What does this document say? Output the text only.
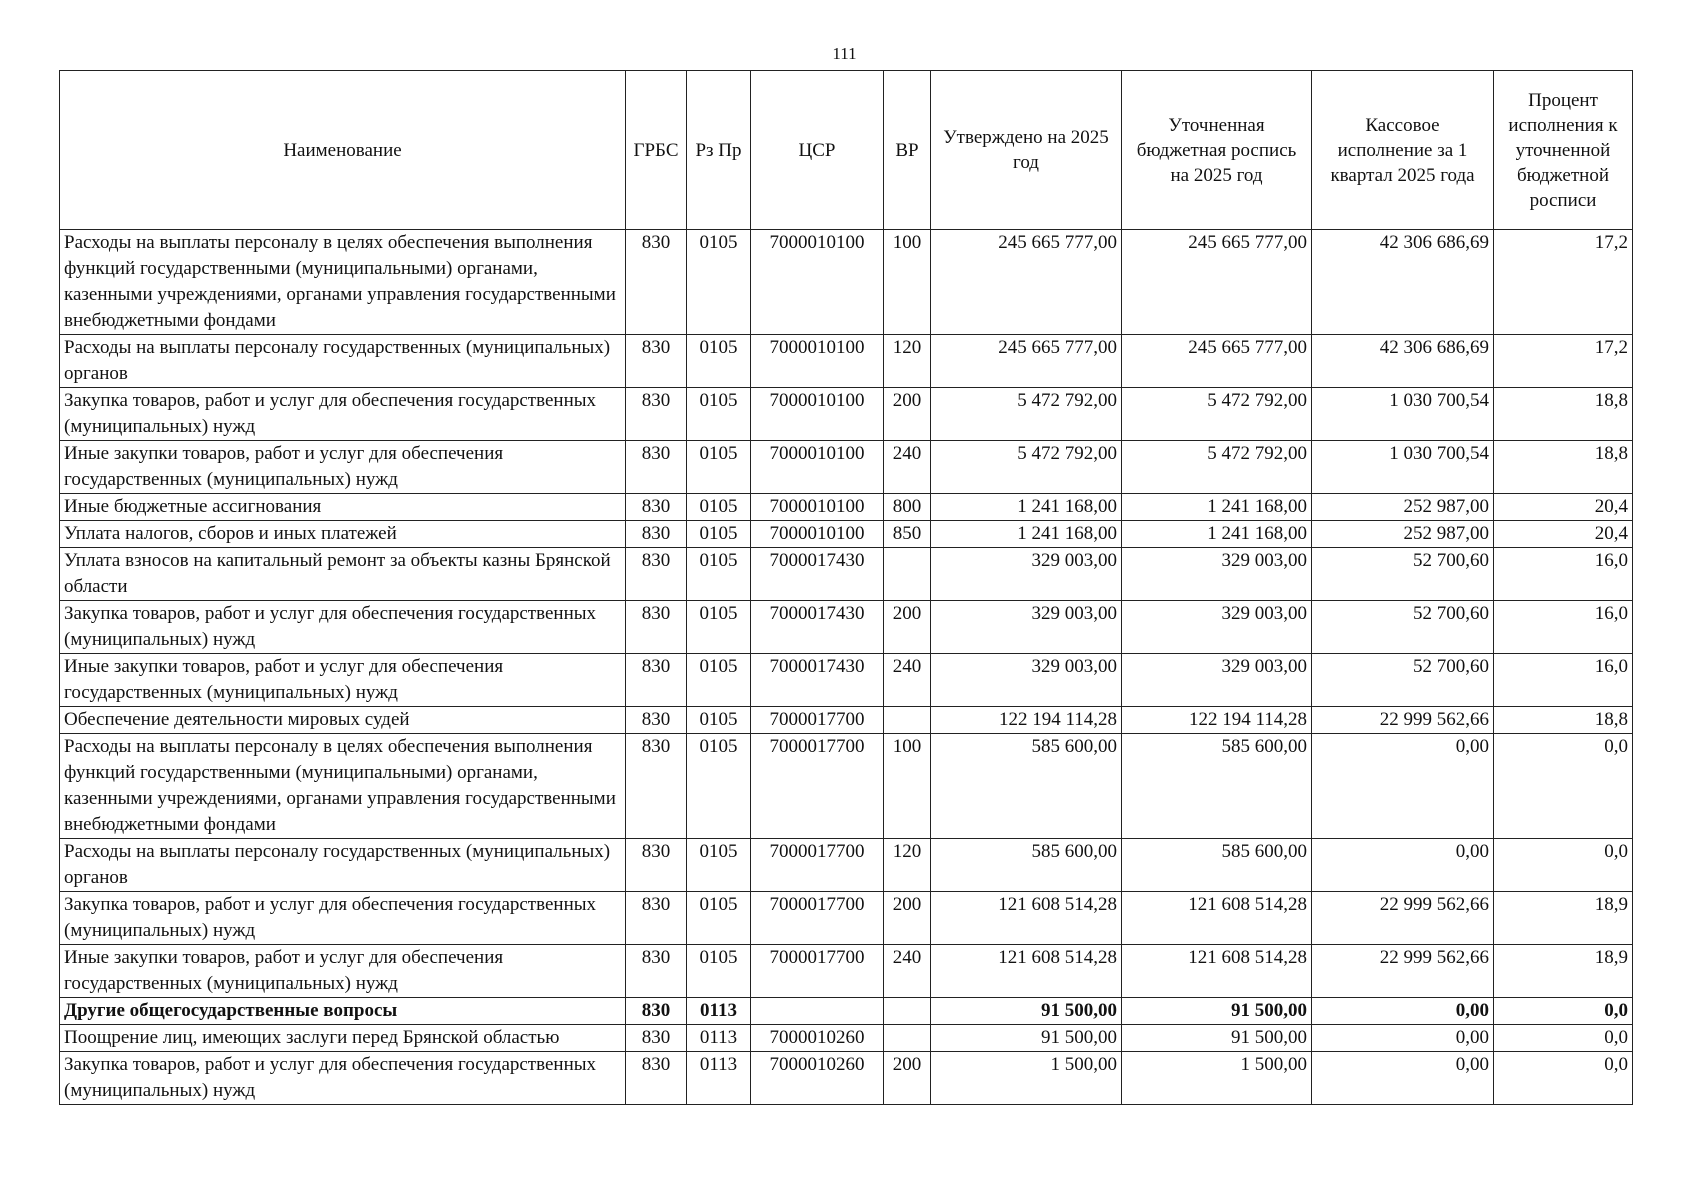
111
Наименование	ГРБС	Рз Пр	ЦСР	ВР	Утверждено на 2025 год	Уточненная бюджетная роспись на 2025 год	Кассовое исполнение за 1 квартал 2025 года	Процент исполнения к уточненной бюджетной росписи
Расходы на выплаты персоналу в целях обеспечения выполнения функций государственными (муниципальными) органами, казенными учреждениями, органами управления государственными внебюджетными фондами	830	0105	7000010100	100	245 665 777,00	245 665 777,00	42 306 686,69	17,2
Расходы на выплаты персоналу государственных (муниципальных) органов	830	0105	7000010100	120	245 665 777,00	245 665 777,00	42 306 686,69	17,2
Закупка товаров, работ и услуг для обеспечения государственных (муниципальных) нужд	830	0105	7000010100	200	5 472 792,00	5 472 792,00	1 030 700,54	18,8
Иные закупки товаров, работ и услуг для обеспечения государственных (муниципальных) нужд	830	0105	7000010100	240	5 472 792,00	5 472 792,00	1 030 700,54	18,8
Иные бюджетные ассигнования	830	0105	7000010100	800	1 241 168,00	1 241 168,00	252 987,00	20,4
Уплата налогов, сборов и иных платежей	830	0105	7000010100	850	1 241 168,00	1 241 168,00	252 987,00	20,4
Уплата взносов на капитальный ремонт за объекты казны Брянской области	830	0105	7000017430		329 003,00	329 003,00	52 700,60	16,0
Закупка товаров, работ и услуг для обеспечения государственных (муниципальных) нужд	830	0105	7000017430	200	329 003,00	329 003,00	52 700,60	16,0
Иные закупки товаров, работ и услуг для обеспечения государственных (муниципальных) нужд	830	0105	7000017430	240	329 003,00	329 003,00	52 700,60	16,0
Обеспечение деятельности мировых судей	830	0105	7000017700		122 194 114,28	122 194 114,28	22 999 562,66	18,8
Расходы на выплаты персоналу в целях обеспечения выполнения функций государственными (муниципальными) органами, казенными учреждениями, органами управления государственными внебюджетными фондами	830	0105	7000017700	100	585 600,00	585 600,00	0,00	0,0
Расходы на выплаты персоналу государственных (муниципальных) органов	830	0105	7000017700	120	585 600,00	585 600,00	0,00	0,0
Закупка товаров, работ и услуг для обеспечения государственных (муниципальных) нужд	830	0105	7000017700	200	121 608 514,28	121 608 514,28	22 999 562,66	18,9
Иные закупки товаров, работ и услуг для обеспечения государственных (муниципальных) нужд	830	0105	7000017700	240	121 608 514,28	121 608 514,28	22 999 562,66	18,9
Другие общегосударственные вопросы	830	0113			91 500,00	91 500,00	0,00	0,0
Поощрение лиц, имеющих заслуги перед Брянской областью	830	0113	7000010260		91 500,00	91 500,00	0,00	0,0
Закупка товаров, работ и услуг для обеспечения государственных (муниципальных) нужд	830	0113	7000010260	200	1 500,00	1 500,00	0,00	0,0
